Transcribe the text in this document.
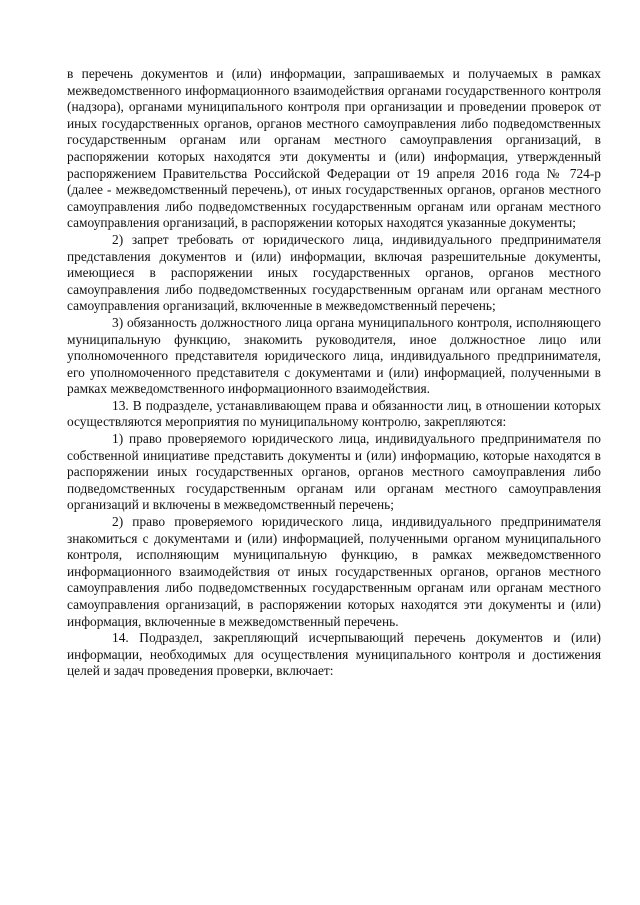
в перечень документов и (или) информации, запрашиваемых и получаемых в рамках межведомственного информационного взаимодействия органами государственного контроля (надзора), органами муниципального контроля при организации и проведении проверок от иных государственных органов, органов местного самоуправления либо подведомственных государственным органам или органам местного самоуправления организаций, в распоряжении которых находятся эти документы и (или) информация, утвержденный распоряжением Правительства Российской Федерации от 19 апреля 2016 года № 724-р (далее - межведомственный перечень), от иных государственных органов, органов местного самоуправления либо подведомственных государственным органам или органам местного самоуправления организаций, в распоряжении которых находятся указанные документы;

2) запрет требовать от юридического лица, индивидуального предпринимателя представления документов и (или) информации, включая разрешительные документы, имеющиеся в распоряжении иных государственных органов, органов местного самоуправления либо подведомственных государственным органам или органам местного самоуправления организаций, включенные в межведомственный перечень;

3) обязанность должностного лица органа муниципального контроля, исполняющего муниципальную функцию, знакомить руководителя, иное должностное лицо или уполномоченного представителя юридического лица, индивидуального предпринимателя, его уполномоченного представителя с документами и (или) информацией, полученными в рамках межведомственного информационного взаимодействия.

13. В подразделе, устанавливающем права и обязанности лиц, в отношении которых осуществляются мероприятия по муниципальному контролю, закрепляются:

1) право проверяемого юридического лица, индивидуального предпринимателя по собственной инициативе представить документы и (или) информацию, которые находятся в распоряжении иных государственных органов, органов местного самоуправления либо подведомственных государственным органам или органам местного самоуправления организаций и включены в межведомственный перечень;

2) право проверяемого юридического лица, индивидуального предпринимателя знакомиться с документами и (или) информацией, полученными органом муниципального контроля, исполняющим муниципальную функцию, в рамках межведомственного информационного взаимодействия от иных государственных органов, органов местного самоуправления либо подведомственных государственным органам или органам местного самоуправления организаций, в распоряжении которых находятся эти документы и (или) информация, включенные в межведомственный перечень.

14. Подраздел, закрепляющий исчерпывающий перечень документов и (или) информации, необходимых для осуществления муниципального контроля и достижения целей и задач проведения проверки, включает:
